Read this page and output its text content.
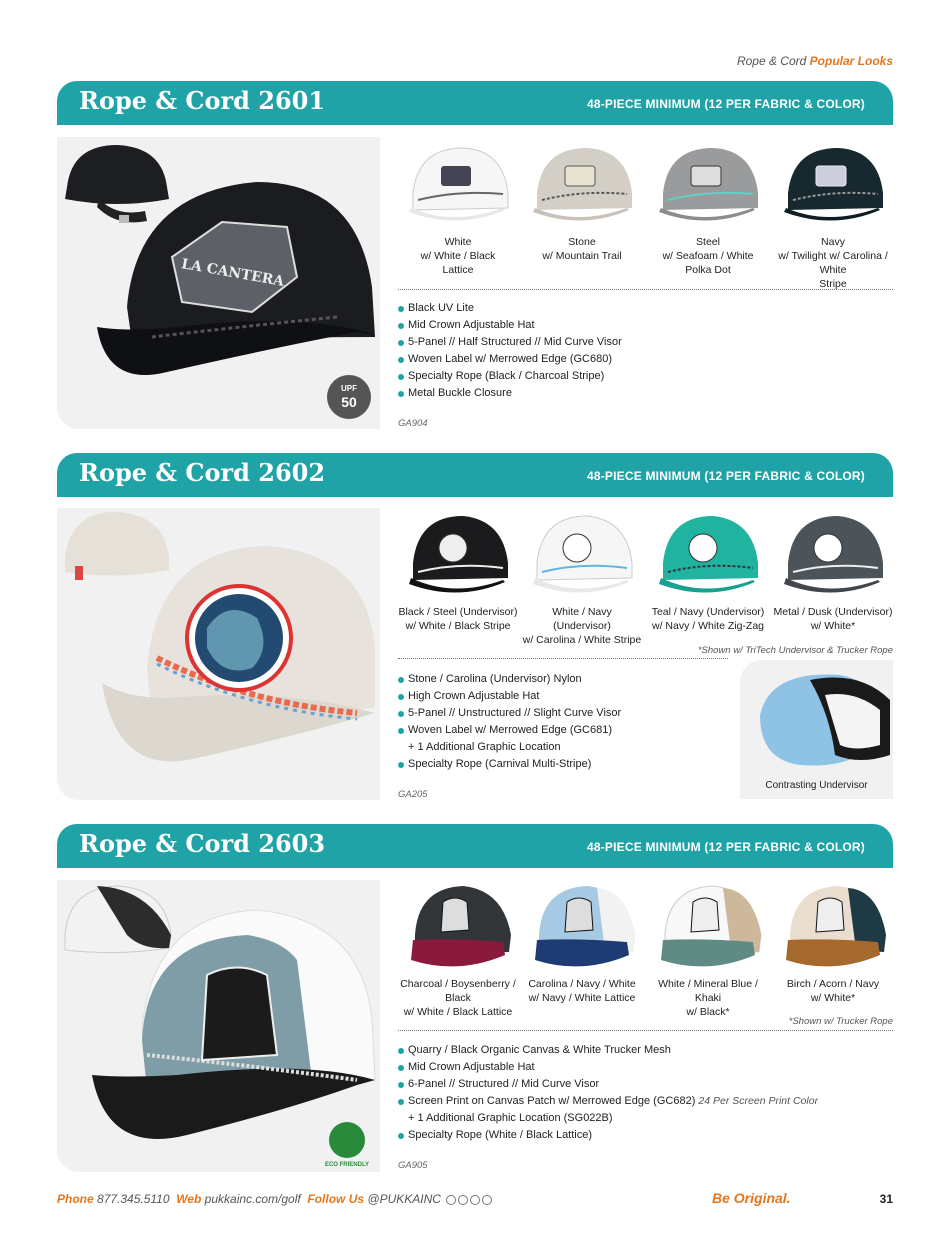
Rope & Cord Popular Looks
Rope & Cord 2601	48-PIECE MINIMUM (12 PER FABRIC & COLOR)
LA CANTERA
UPF
50
White
w/ White / Black
Lattice
Stone
w/ Mountain Trail
Steel
w/ Seafoam / White
Polka Dot
Navy
w/ Twilight w/ Carolina / White
Stripe
Black UV Lite
Mid Crown Adjustable Hat
5-Panel // Half Structured // Mid Curve Visor
Woven Label w/ Merrowed Edge (GC680)
Specialty Rope (Black / Charcoal Stripe)
Metal Buckle Closure
GA904
Rope & Cord 2602	48-PIECE MINIMUM (12 PER FABRIC & COLOR)
Black / Steel (Undervisor)
w/ White / Black Stripe
White / Navy (Undervisor)
w/ Carolina / White Stripe
Teal / Navy (Undervisor)
w/ Navy / White Zig-Zag
Metal / Dusk (Undervisor)
w/ White*
*Shown w/ TriTech Undervisor & Trucker Rope
Stone / Carolina (Undervisor) Nylon
High Crown Adjustable Hat
5-Panel // Unstructured // Slight Curve Visor
Woven Label w/ Merrowed Edge (GC681)
+ 1 Additional Graphic Location
Specialty Rope (Carnival Multi-Stripe)
GA205
Contrasting Undervisor
Rope & Cord 2603	48-PIECE MINIMUM (12 PER FABRIC & COLOR)
ECO FRIENDLY
Charcoal / Boysenberry / Black
w/ White / Black Lattice
Carolina / Navy / White
w/ Navy / White Lattice
White / Mineral Blue / Khaki
w/ Black*
Birch / Acorn / Navy
w/ White*
*Shown w/ Trucker Rope
Quarry / Black Organic Canvas & White Trucker Mesh
Mid Crown Adjustable Hat
6-Panel // Structured // Mid Curve Visor
Screen Print on Canvas Patch w/ Merrowed Edge (GC682) 24 Per Screen Print Color
+ 1 Additional Graphic Location (SG022B)
Specialty Rope (White / Black Lattice)
GA905
Phone 877.345.5110 Web pukkainc.com/golf Follow Us @PUKKAINC	Be Original.	31
